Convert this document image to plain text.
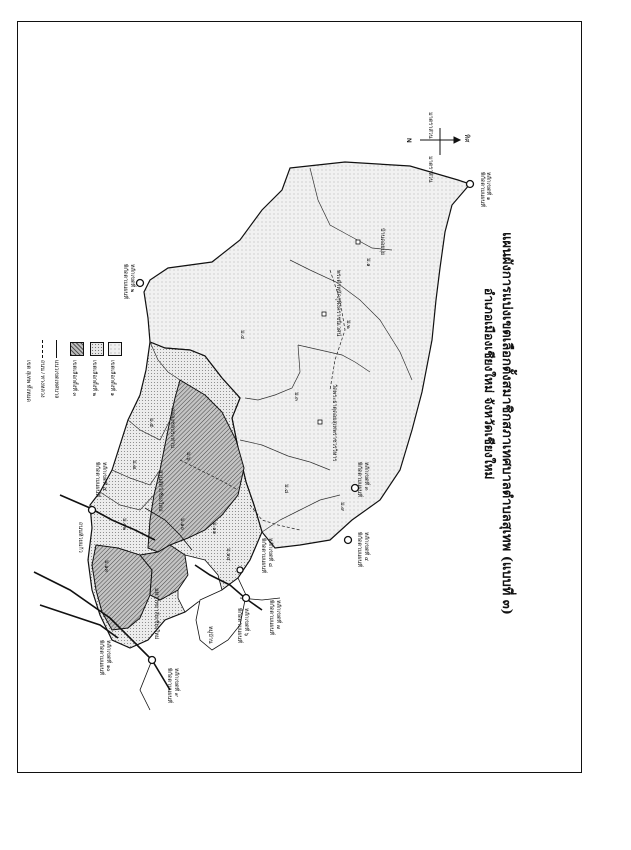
แผนผังการแบ่งเขตเลือกตั้งสมาชิกสภาเทศบาลตำบลสุเทพ (แบบที่ ๓)
อำเภอเมืองเชียงใหม่ จังหวัดเชียงใหม่
มาตราส่วน
มาตราส่วน
ทิศ
N
เขตเลือกตั้งที่ ๑
เขตเลือกตั้งที่ ๒
เขตเลือกตั้งที่ ๓
แนวเขตเทศบาล
ถนน / ทางหลวง
เขต สุเทพ ทั้งหมด
หลักเขตที่ ๑
พิกัดตามแผนที่
หลักเขตที่ ๒
พิกัดตามแผนที่
หลักเขตที่ ๓
พิกัดตามแผนที่
หลักเขตที่ ๔
พิกัดตามแผนที่
หลักเขตที่ ๕
พิกัดตามแผนที่
หลักเขตที่ ๖
พิกัดตามแผนที่	หลักเขตที่ ๗
พิกัดตามแผนที่
หลักเขตที่ ๘
พิกัดตามแผนที่
หลักเขตที่ ๙
พิกัดตามแผนที่
หลักเขตที่ ๑๐
พิกัดตามแผนที่
พระตำหนักภูพิงคราชนิเวศน์
วัดพระธาตุดอยสุเทพราชวรวิหาร
บ้านดอยปุย
มหาวิทยาลัยเชียงใหม่
ถนนห้วยแก้ว
คลองชลประทาน
สวนสัตว์เชียงใหม่
หมู่บ้าน
ม.๑
ม.๒
ม.๓
ม.๔
ม.๕
ม.๖
ม.๗
ม.๘
ม.๙
ม.๑๐	ม.๑๑
ม.๑๒
ม.๑๓
ม.๑๔
